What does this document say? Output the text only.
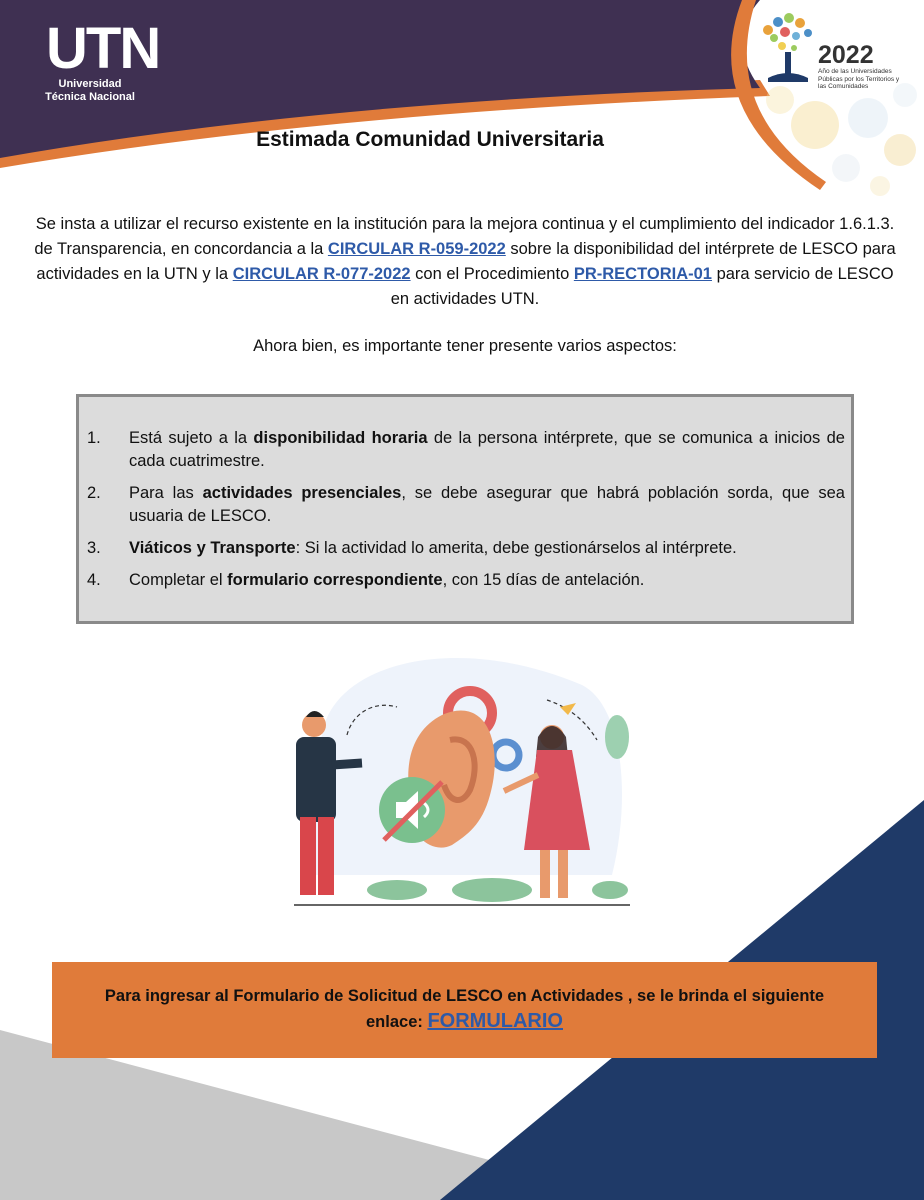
UTN
Universidad
Técnica Nacional
2022
Año de las Universidades Públicas por los Territorios y las Comunidades
Estimada Comunidad Universitaria
Se insta a utilizar el recurso existente en la institución para la mejora continua y el cumplimiento del indicador 1.6.1.3. de Transparencia, en concordancia a la CIRCULAR R-059-2022 sobre la disponibilidad del intérprete de LESCO para actividades en la UTN y la CIRCULAR R-077-2022 con el Procedimiento PR-RECTORIA-01 para servicio de LESCO en actividades UTN.
Ahora bien, es importante tener presente varios aspectos:
1. Está sujeto a la disponibilidad horaria de la persona intérprete, que se comunica a inicios de cada cuatrimestre.
2. Para las actividades presenciales, se debe asegurar que habrá población sorda, que sea usuaria de LESCO.
3. Viáticos y Transporte: Si la actividad lo amerita, debe gestionárselos al intérprete.
4. Completar el formulario correspondiente, con 15 días de antelación.
Para ingresar al Formulario de Solicitud de LESCO en Actividades , se le brinda el siguiente
enlace: FORMULARIO
